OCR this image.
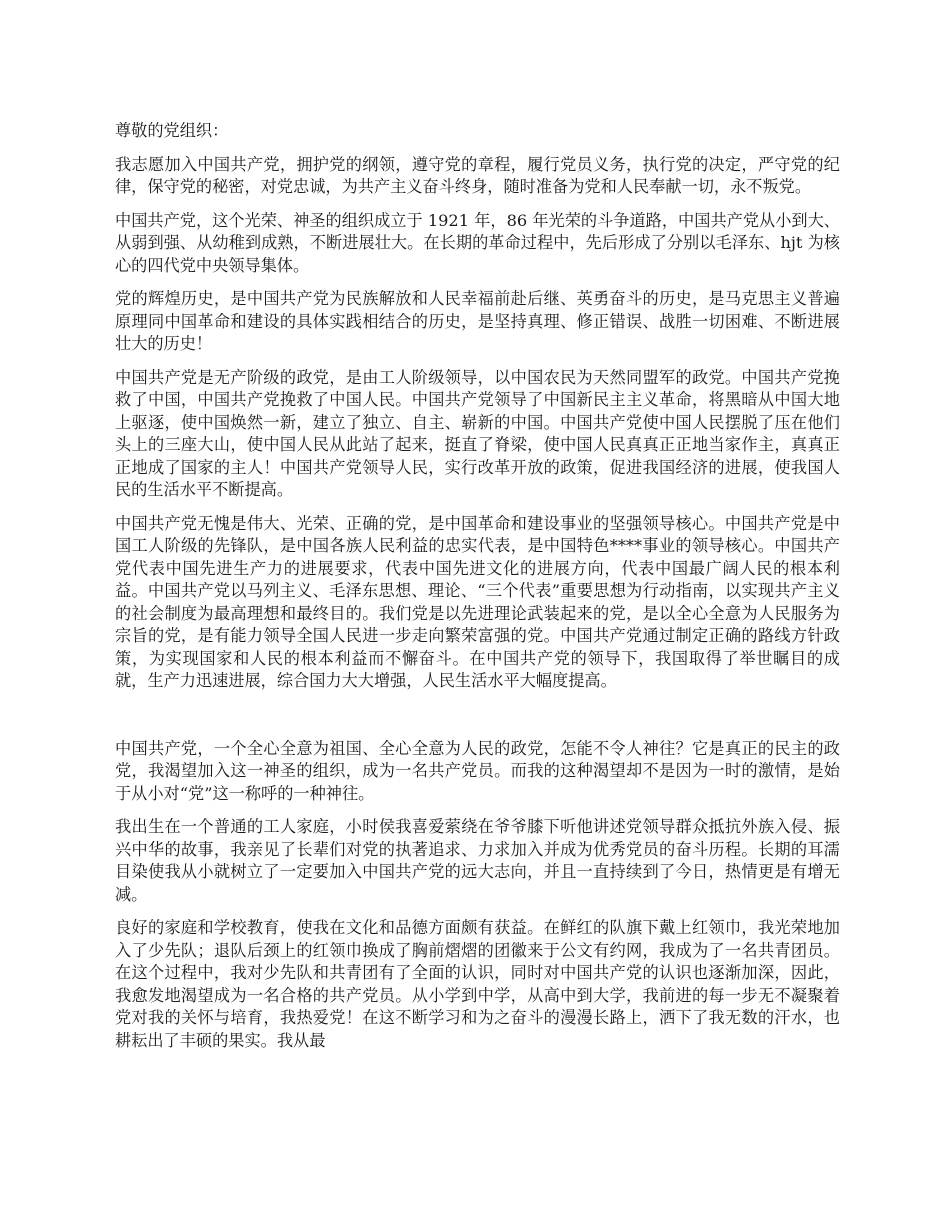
尊敬的党组织：

我志愿加入中国共产党，拥护党的纲领，遵守党的章程，履行党员义务，执行党的决定，严守党的纪律，保守党的秘密，对党忠诚，为共产主义奋斗终身，随时准备为党和人民奉献一切，永不叛党。

中国共产党，这个光荣、神圣的组织成立于 1921 年，86 年光荣的斗争道路，中国共产党从小到大、从弱到强、从幼稚到成熟，不断进展壮大。在长期的革命过程中，先后形成了分别以毛泽东、hjt 为核心的四代党中央领导集体。

党的辉煌历史，是中国共产党为民族解放和人民幸福前赴后继、英勇奋斗的历史，是马克思主义普遍原理同中国革命和建设的具体实践相结合的历史，是坚持真理、修正错误、战胜一切困难、不断进展壮大的历史！

中国共产党是无产阶级的政党，是由工人阶级领导，以中国农民为天然同盟军的政党。中国共产党挽救了中国，中国共产党挽救了中国人民。中国共产党领导了中国新民主主义革命，将黑暗从中国大地上驱逐，使中国焕然一新，建立了独立、自主、崭新的中国。中国共产党使中国人民摆脱了压在他们头上的三座大山，使中国人民从此站了起来，挺直了脊梁，使中国人民真真正正地当家作主，真真正正地成了国家的主人！中国共产党领导人民，实行改革开放的政策，促进我国经济的进展，使我国人民的生活水平不断提高。

中国共产党无愧是伟大、光荣、正确的党，是中国革命和建设事业的坚强领导核心。中国共产党是中国工人阶级的先锋队，是中国各族人民利益的忠实代表，是中国特色****事业的领导核心。中国共产党代表中国先进生产力的进展要求，代表中国先进文化的进展方向，代表中国最广阔人民的根本利益。中国共产党以马列主义、毛泽东思想、理论、“三个代表”重要思想为行动指南，以实现共产主义的社会制度为最高理想和最终目的。我们党是以先进理论武装起来的党，是以全心全意为人民服务为宗旨的党，是有能力领导全国人民进一步走向繁荣富强的党。中国共产党通过制定正确的路线方针政策，为实现国家和人民的根本利益而不懈奋斗。在中国共产党的领导下，我国取得了举世瞩目的成就，生产力迅速进展，综合国力大大增强，人民生活水平大幅度提高。

中国共产党，一个全心全意为祖国、全心全意为人民的政党，怎能不令人神往？它是真正的民主的政党，我渴望加入这一神圣的组织，成为一名共产党员。而我的这种渴望却不是因为一时的激情，是始于从小对“党”这一称呼的一种神往。

我出生在一个普通的工人家庭，小时侯我喜爱萦绕在爷爷膝下听他讲述党领导群众抵抗外族入侵、振兴中华的故事，我亲见了长辈们对党的执著追求、力求加入并成为优秀党员的奋斗历程。长期的耳濡目染使我从小就树立了一定要加入中国共产党的远大志向，并且一直持续到了今日，热情更是有增无减。

良好的家庭和学校教育，使我在文化和品德方面颇有获益。在鲜红的队旗下戴上红领巾，我光荣地加入了少先队；退队后颈上的红领巾换成了胸前熠熠的团徽来于公文有约网，我成为了一名共青团员。在这个过程中，我对少先队和共青团有了全面的认识，同时对中国共产党的认识也逐渐加深，因此，我愈发地渴望成为一名合格的共产党员。从小学到中学，从高中到大学，我前进的每一步无不凝聚着党对我的关怀与培育，我热爱党！在这不断学习和为之奋斗的漫漫长路上，洒下了我无数的汗水，也耕耘出了丰硕的果实。我从最
